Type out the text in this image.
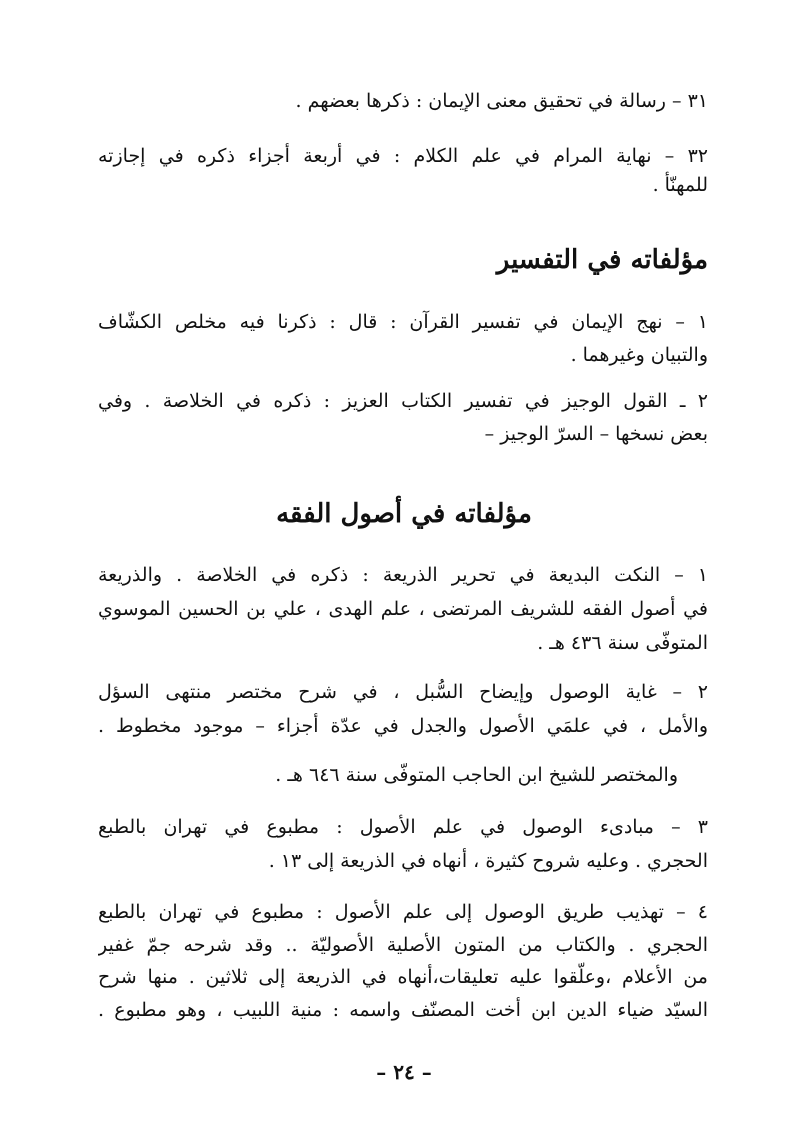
٣١ – رسالة في تحقيق معنى الإيمان : ذكرها بعضهم .
٣٢ – نهاية المرام في علم الكلام : في أربعة أجزاء ذكره في إجازته
للمهنّأ .
مؤلفاته في التفسير
١ – نهج الإيمان في تفسير القرآن : قال : ذكرنا فيه مخلص الكشّاف
والتبيان وغيرهما .
٢ ـ القول الوجيز في تفسير الكتاب العزيز : ذكره في الخلاصة . وفي
بعض نسخها – السرّ الوجيز –
مؤلفاته في أصول الفقه
١ – النكت البديعة في تحرير الذريعة : ذكره في الخلاصة . والذريعة
في أصول الفقه للشريف المرتضى ، علم الهدى ، علي بن الحسين الموسوي
المتوفّى سنة ٤٣٦ هـ .
٢ – غاية الوصول وإيضاح السُّبل ، في شرح مختصر منتهى السؤل
والأمل ، في علمَي الأصول والجدل في عدّة أجزاء – موجود مخطوط .
والمختصر للشيخ ابن الحاجب المتوفّى سنة ٦٤٦ هـ .
٣ – مبادىء الوصول في علم الأصول : مطبوع في تهران بالطبع
الحجري . وعليه شروح كثيرة ، أنهاه في الذريعة إلى ١٣ .
٤ – تهذيب طريق الوصول إلى علم الأصول : مطبوع في تهران بالطبع
الحجري . والكتاب من المتون الأصلية الأصوليّة .. وقد شرحه جمّ غفير
من الأعلام ،وعلّقوا عليه تعليقات،أنهاه في الذريعة إلى ثلاثين . منها شرح
السيّد ضياء الدين ابن أخت المصنّف واسمه : منية اللبيب ، وهو مطبوع .
– ٢٤ –
